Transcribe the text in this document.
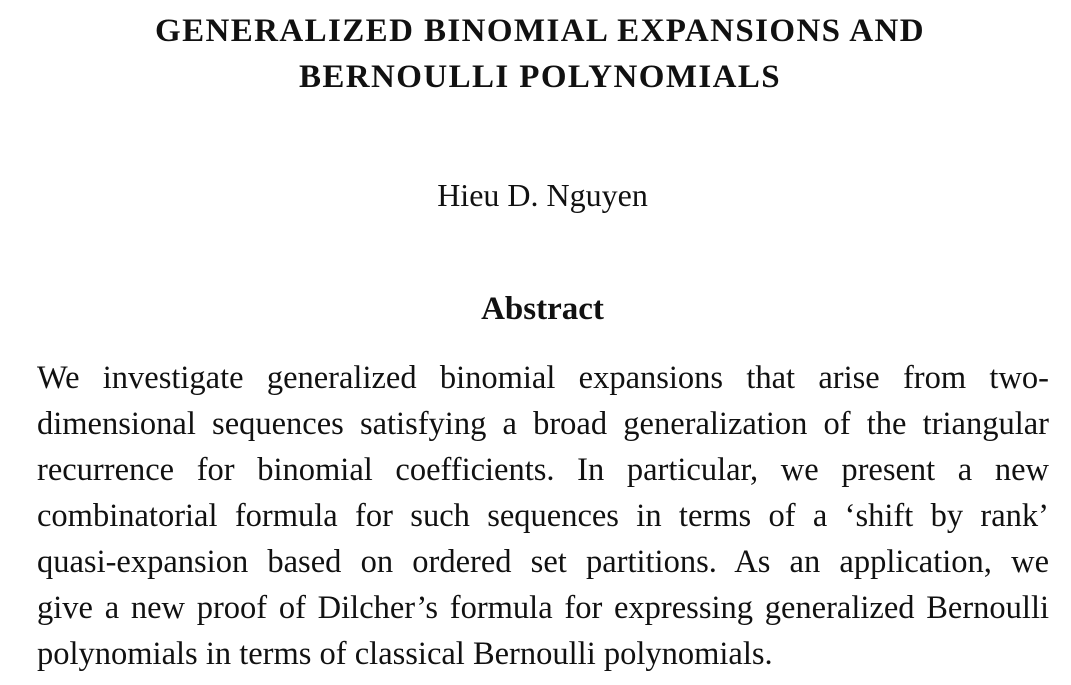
GENERALIZED BINOMIAL EXPANSIONS AND
BERNOULLI POLYNOMIALS
Hieu D. Nguyen
Abstract
We investigate generalized binomial expansions that arise from two-
dimensional sequences satisfying a broad generalization of the triangular
recurrence for binomial coefficients. In particular, we present a new
combinatorial formula for such sequences in terms of a ‘shift by rank’
quasi-expansion based on ordered set partitions. As an application, we
give a new proof of Dilcher’s formula for expressing generalized Bernoulli
polynomials in terms of classical Bernoulli polynomials.
